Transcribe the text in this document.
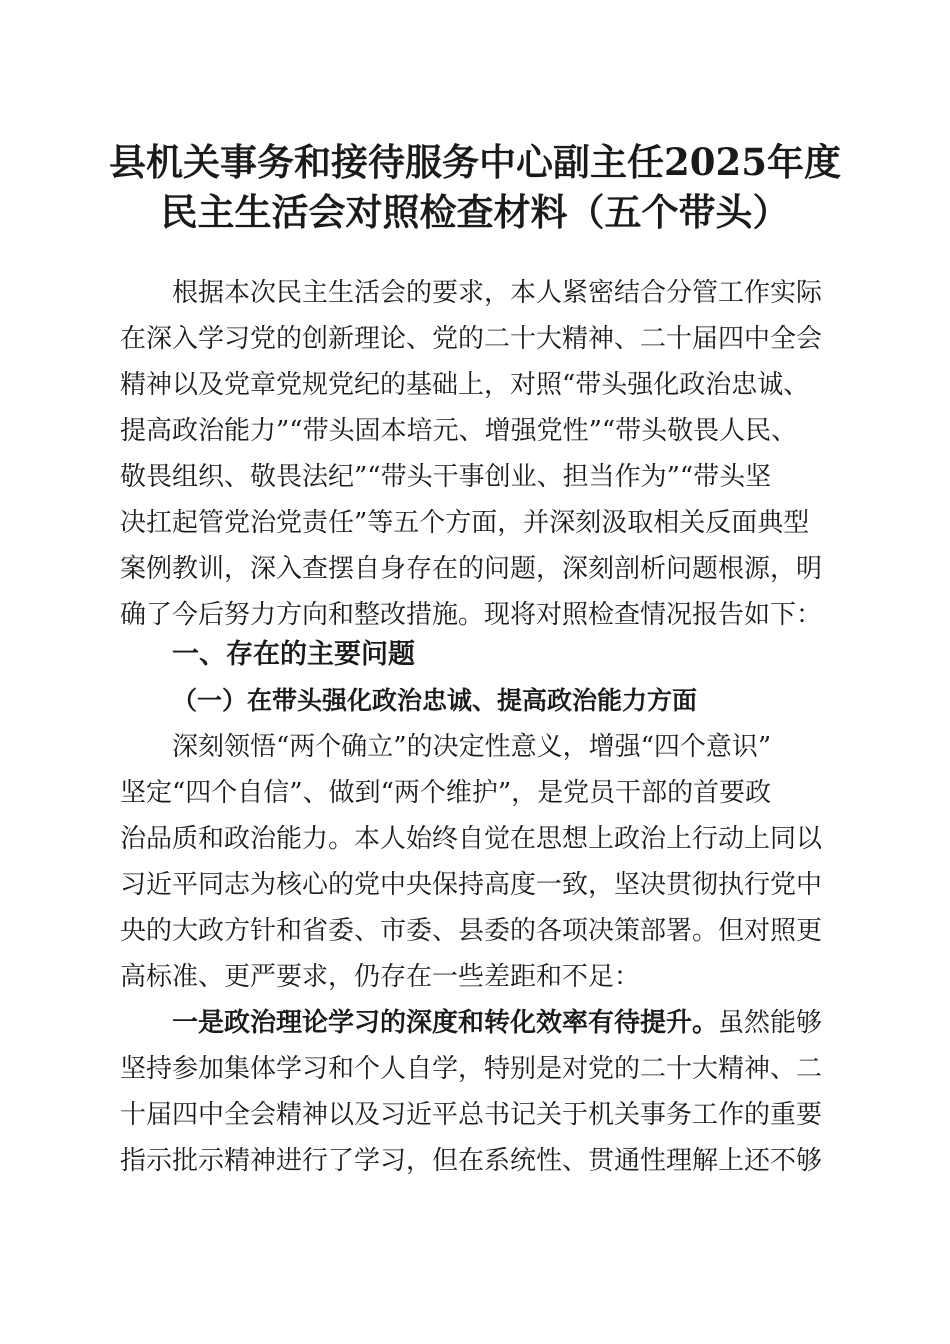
县机关事务和接待服务中心副主任2025年度
民主生活会对照检查材料（五个带头）
根据本次民主生活会的要求，本人紧密结合分管工作实际
在深入学习党的创新理论、党的二十大精神、二十届四中全会
精神以及党章党规党纪的基础上，对照“带头强化政治忠诚、
提高政治能力”“带头固本培元、增强党性”“带头敬畏人民、
敬畏组织、敬畏法纪”“带头干事创业、担当作为”“带头坚
决扛起管党治党责任”等五个方面，并深刻汲取相关反面典型
案例教训，深入查摆自身存在的问题，深刻剖析问题根源，明
确了今后努力方向和整改措施。现将对照检查情况报告如下：
一、存在的主要问题
（一）在带头强化政治忠诚、提高政治能力方面
深刻领悟“两个确立”的决定性意义，增强“四个意识”
坚定“四个自信”、做到“两个维护”，是党员干部的首要政
治品质和政治能力。本人始终自觉在思想上政治上行动上同以
习近平同志为核心的党中央保持高度一致，坚决贯彻执行党中
央的大政方针和省委、市委、县委的各项决策部署。但对照更
高标准、更严要求，仍存在一些差距和不足：
一是政治理论学习的深度和转化效率有待提升。虽然能够
坚持参加集体学习和个人自学，特别是对党的二十大精神、二
十届四中全会精神以及习近平总书记关于机关事务工作的重要
指示批示精神进行了学习，但在系统性、贯通性理解上还不够
